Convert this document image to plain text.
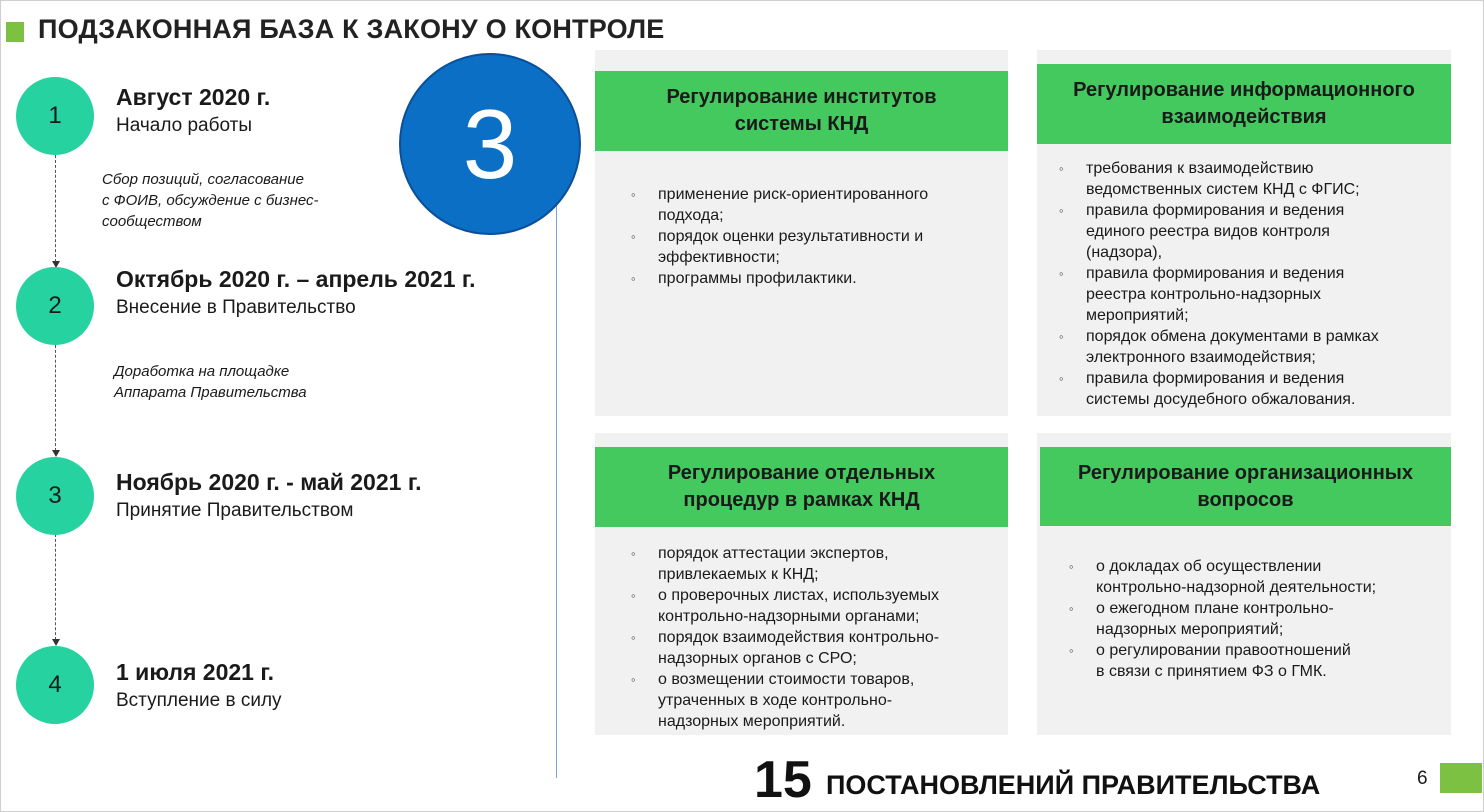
ПОДЗАКОННАЯ БАЗА К ЗАКОНУ О КОНТРОЛЕ
1
Август 2020 г.
Начало работы
Сбор позиций, согласование
с ФОИВ, обсуждение с бизнес-
сообществом
2
Октябрь 2020 г. – апрель 2021 г.
Внесение в Правительство
Доработка на площадке
Аппарата Правительства
3 Ноябрь 2020 г. - май 2021 г.
Принятие Правительством
4 1 июля 2021 г.
Вступление в силу
3	Регулирование институтов
системы КНД
◦ применение риск-ориентированного
подхода;
◦ порядок оценки результативности и
эффективности;
◦ программы профилактики.
Регулирование информационного
взаимодействия
◦ требования к взаимодействию
ведомственных систем КНД с ФГИС;
◦ правила формирования и ведения
единого реестра видов контроля
(надзора),
◦ правила формирования и ведения
реестра контрольно-надзорных
мероприятий;
◦ порядок обмена документами в рамках
электронного взаимодействия;
◦ правила формирования и ведения
системы досудебного обжалования.
Регулирование отдельных
процедур в рамках КНД
◦ порядок аттестации экспертов,
привлекаемых к КНД;
◦ о проверочных листах, используемых
контрольно-надзорными органами;
◦ порядок взаимодействия контрольно-
надзорных органов с СРО;
◦ о возмещении стоимости товаров,
утраченных в ходе контрольно-
надзорных мероприятий.
Регулирование организационных
вопросов
◦ о докладах об осуществлении
контрольно-надзорной деятельности;
◦ о ежегодном плане контрольно-
надзорных мероприятий;
◦ о регулировании правоотношений
в связи с принятием ФЗ о ГМК.
15 ПОСТАНОВЛЕНИЙ ПРАВИТЕЛЬСТВА	6
